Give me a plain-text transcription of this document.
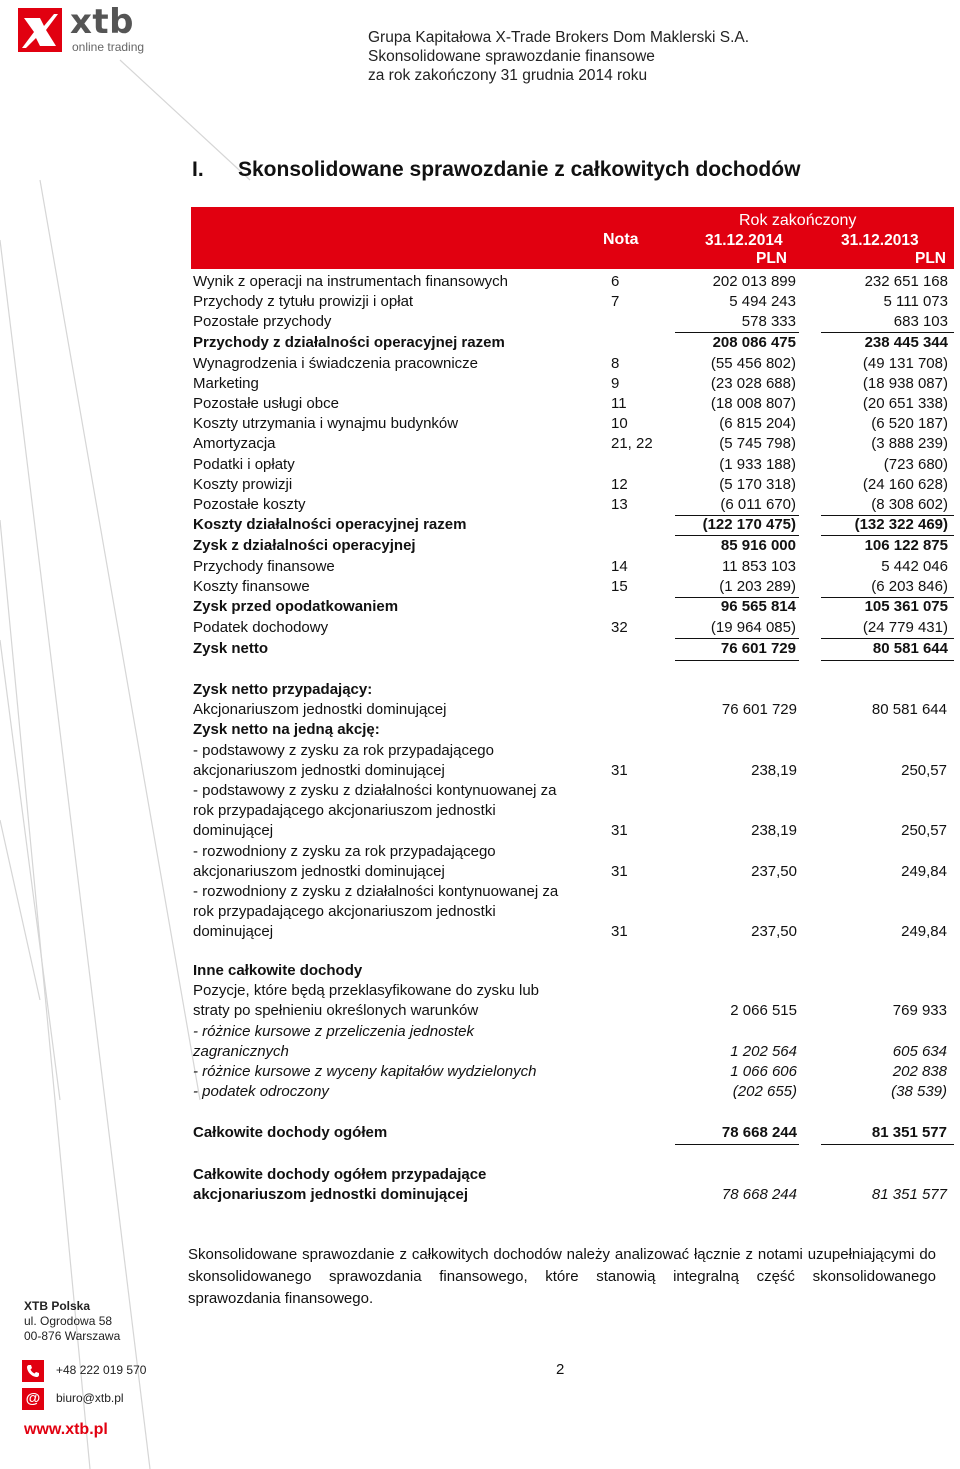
xtb
online trading
Grupa Kapitałowa X-Trade Brokers Dom Maklerski S.A.
Skonsolidowane sprawozdanie finansowe
za rok zakończony 31 grudnia 2014 roku
I. Skonsolidowane sprawozdanie z całkowitych dochodów
Rok zakończony
Nota	31.12.2014	31.12.2013
PLN	PLN
Wynik z operacji na instrumentach finansowych	6	202 013 899	232 651 168
Przychody z tytułu prowizji i opłat	7	5 494 243	5 111 073
Pozostałe przychody	578 333	683 103
Przychody z działalności operacyjnej razem	208 086 475	238 445 344
Wynagrodzenia i świadczenia pracownicze	8	(55 456 802)	(49 131 708)
Marketing	9	(23 028 688)	(18 938 087)
Pozostałe usługi obce	11	(18 008 807)	(20 651 338)
Koszty utrzymania i wynajmu budynków	10	(6 815 204)	(6 520 187)
Amortyzacja	21, 22	(5 745 798)	(3 888 239)
Podatki i opłaty	(1 933 188)	(723 680)
Koszty prowizji	12	(5 170 318)	(24 160 628)
Pozostałe koszty	13	(6 011 670)	(8 308 602)
Koszty działalności operacyjnej razem	(122 170 475)	(132 322 469)
Zysk z działalności operacyjnej	85 916 000	106 122 875
Przychody finansowe	14	11 853 103	5 442 046
Koszty finansowe	15	(1 203 289)	(6 203 846)
Zysk przed opodatkowaniem	96 565 814	105 361 075
Podatek dochodowy	32	(19 964 085)	(24 779 431)
Zysk netto	76 601 729	80 581 644
Zysk netto przypadający:
Akcjonariuszom jednostki dominującej	76 601 729	80 581 644
Zysk netto na jedną akcję:
- podstawowy z zysku za rok przypadającego
akcjonariuszom jednostki dominującej	31	238,19	250,57
- podstawowy z zysku z działalności kontynuowanej za
rok przypadającego akcjonariuszom jednostki
dominującej	31	238,19	250,57
- rozwodniony z zysku za rok przypadającego
akcjonariuszom jednostki dominującej	31	237,50	249,84
- rozwodniony z zysku z działalności kontynuowanej za
rok przypadającego akcjonariuszom jednostki
dominującej	31	237,50	249,84
Inne całkowite dochody
Pozycje, które będą przeklasyfikowane do zysku lub
straty po spełnieniu określonych warunków	2 066 515	769 933
- różnice kursowe z przeliczenia jednostek
zagranicznych	1 202 564	605 634
- różnice kursowe z wyceny kapitałów wydzielonych	1 066 606	202 838
- podatek odroczony	(202 655)	(38 539)
Całkowite dochody ogółem	78 668 244	81 351 577
Całkowite dochody ogółem przypadające
akcjonariuszom jednostki dominującej	78 668 244	81 351 577
Skonsolidowane sprawozdanie z całkowitych dochodów należy analizować łącznie z notami uzupełniającymi do skonsolidowanego sprawozdania finansowego, które stanowią integralną część skonsolidowanego sprawozdania finansowego.
XTB Polska
ul. Ogrodowa 58
00-876 Warszawa
+48 222 019 570
@	biuro@xtb.pl
www.xtb.pl
2
